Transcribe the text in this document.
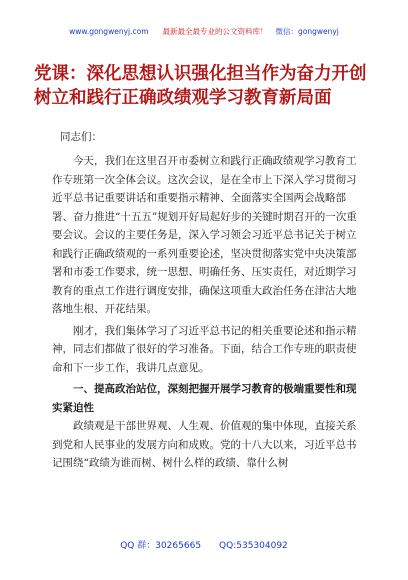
www.gongwenyj.com 最新最全最专业的公文资料库！ 微信：gongwenyj
党课：深化思想认识强化担当作为奋力开创树立和践行正确政绩观学习教育新局面
同志们：

今天，我们在这里召开市委树立和践行正确政绩观学习教育工作专班第一次全体会议。这次会议，是在全市上下深入学习贯彻习近平总书记重要讲话和重要指示精神、全面落实全国两会战略部署、奋力推进“十五五”规划开好局起好步的关键时期召开的一次重要会议。会议的主要任务是，深入学习领会习近平总书记关于树立和践行正确政绩观的一系列重要论述，坚决贯彻落实党中央决策部署和市委工作要求，统一思想、明确任务、压实责任，对近期学习教育的重点工作进行调度安排，确保这项重大政治任务在津沽大地落地生根、开花结果。

刚才，我们集体学习了习近平总书记的相关重要论述和指示精神，同志们都做了很好的学习准备。下面，结合工作专班的职责使命和下一步工作，我讲几点意见。

一、提高政治站位，深刻把握开展学习教育的极端重要性和现实紧迫性

政绩观是干部世界观、人生观、价值观的集中体现，直接关系到党和人民事业的发展方向和成败。党的十八大以来，习近平总书记围绕“政绩为谁而树、树什么样的政绩、靠什么树

QQ 群：30265665 QQ:535304092
